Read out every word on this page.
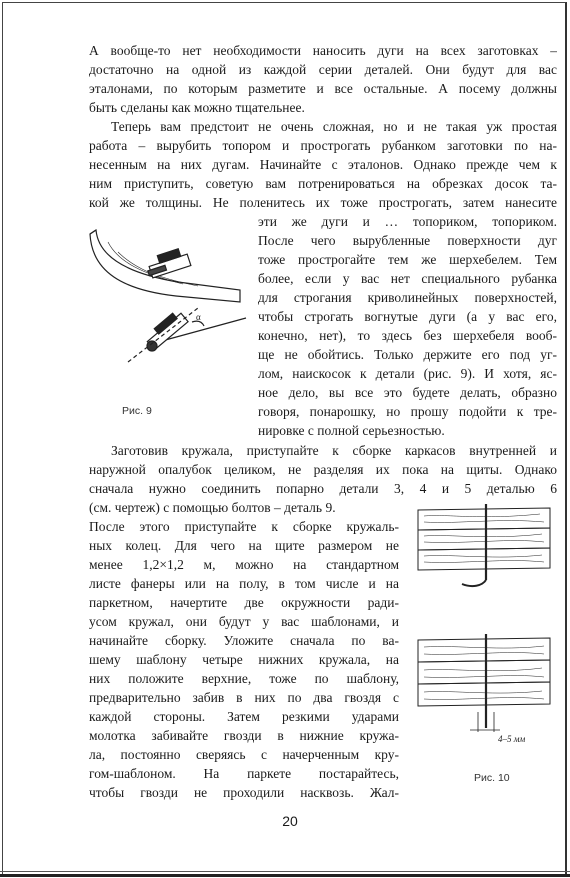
А вообще-то нет необходимости наносить дуги на всех заготовках –
достаточно на одной из каждой серии деталей. Они будут для вас
эталонами, по которым разметите и все остальные. А посему должны
быть сделаны как можно тщательнее.
Теперь вам предстоит не очень сложная, но и не такая уж простая
работа – вырубить топором и прострогать рубанком заготовки по на-
несенным на них дугам. Начинайте с эталонов. Однако прежде чем к
ним приступить, советую вам потренироваться на обрезках досок та-
кой же толщины. Не поленитесь их тоже прострогать, затем нанесите
эти же дуги и … топориком, топориком.
После чего вырубленные поверхности дуг
тоже прострогайте тем же шерхебелем. Тем
более, если у вас нет специального рубанка
для строгания криволинейных поверхностей,
чтобы строгать вогнутые дуги (а у вас его,
конечно, нет), то здесь без шерхебеля вооб-
ще не обойтись. Только держите его под уг-
лом, наискосок к детали (рис. 9). И хотя, яс-
ное дело, вы все это будете делать, образно
говоря, понарошку, но прошу подойти к тре-
нировке с полной серьезностью.
Заготовив кружала, приступайте к сборке каркасов внутренней и
наружной опалубок целиком, не разделяя их пока на щиты. Однако
сначала нужно соединить попарно детали 3, 4 и 5 деталью 6
(см. чертеж) с помощью болтов – деталь 9.
После этого приступайте к сборке кружаль-
ных колец. Для чего на щите размером не
менее 1,2×1,2 м, можно на стандартном
листе фанеры или на полу, в том числе и на
паркетном, начертите две окружности ради-
усом кружал, они будут у вас шаблонами, и
начинайте сборку. Уложите сначала по ва-
шему шаблону четыре нижних кружала, на
них положите верхние, тоже по шаблону,
предварительно забив в них по два гвоздя с
каждой стороны. Затем резкими ударами
молотка забивайте гвозди в нижние кружа-
ла, постоянно сверяясь с начерченным кру-
гом-шаблоном. На паркете постарайтесь,
чтобы гвозди не проходили насквозь. Жал-
α
Рис. 9
4–5 мм
Рис. 10
20
